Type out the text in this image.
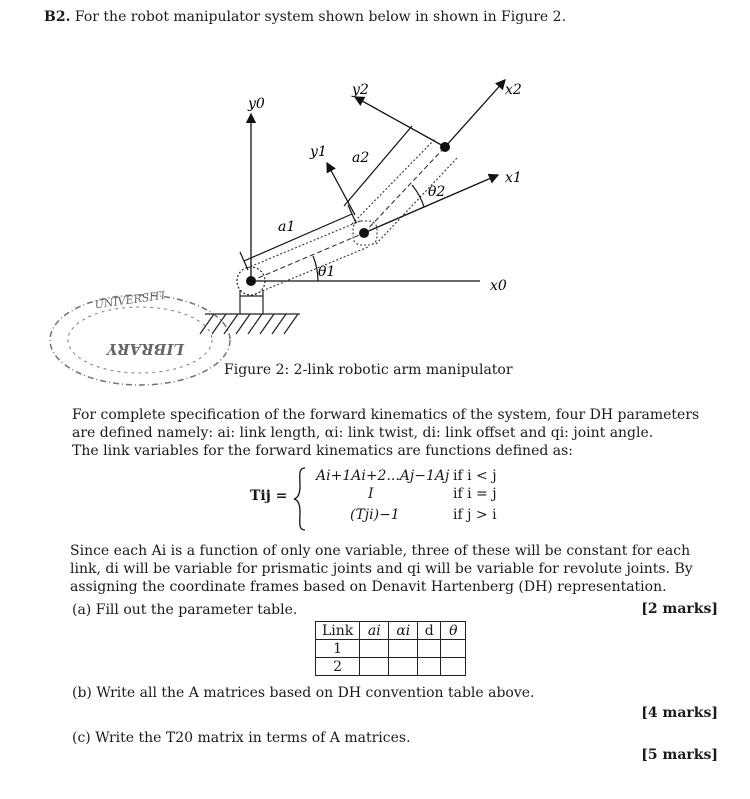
B2. For the robot manipulator system shown below in shown in Figure 2.
y0
x0
y1
x1
y2	x2
a1
a2
θ1
θ2
UNIVERSITI
LIBRARY
Figure 2: 2-link robotic arm manipulator
For complete specification of the forward kinematics of the system, four DH parameters
are defined namely: ai: link length, αi: link twist, di: link offset and qi: joint angle.
The link variables for the forward kinematics are functions defined as:
Tij =
Ai+1Ai+2...Aj−1Aj if i < j
I	if i = j
(Tji)−1	if j > i
Since each Ai is a function of only one variable, three of these will be constant for each
link, di will be variable for prismatic joints and qi will be variable for revolute joints. By
assigning the coordinate frames based on Denavit Hartenberg (DH) representation.
(a) Fill out the parameter table.	[2 marks]
Link	ai	αi	d	θ
1				
2				
(b) Write all the A matrices based on DH convention table above.
[4 marks]
(c) Write the T20 matrix in terms of A matrices.
[5 marks]
